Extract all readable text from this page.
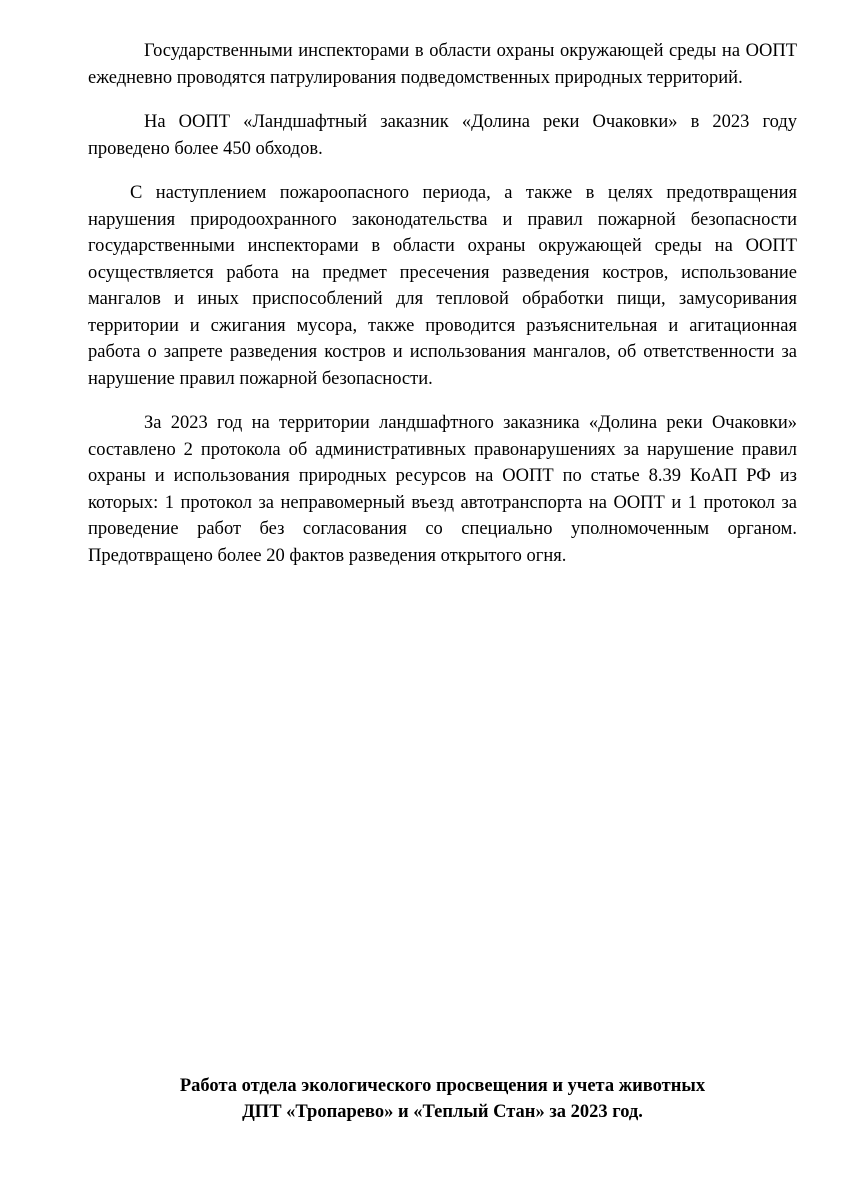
Государственными инспекторами в области охраны окружающей среды на ООПТ ежедневно проводятся патрулирования подведомственных природных территорий.

На ООПТ «Ландшафтный заказник «Долина реки Очаковки» в 2023 году проведено более 450 обходов.

С наступлением пожароопасного периода, а также в целях предотвращения нарушения природоохранного законодательства и правил пожарной безопасности государственными инспекторами в области охраны окружающей среды на ООПТ осуществляется работа на предмет пресечения разведения костров, использование мангалов и иных приспособлений для тепловой обработки пищи, замусоривания территории и сжигания мусора, также проводится разъяснительная и агитационная работа о запрете разведения костров и использования мангалов, об ответственности за нарушение правил пожарной безопасности.

За 2023 год на территории ландшафтного заказника «Долина реки Очаковки» составлено 2 протокола об административных правонарушениях за нарушение правил охраны и использования природных ресурсов на ООПТ по статье 8.39 КоАП РФ из которых: 1 протокол за неправомерный въезд автотранспорта на ООПТ и 1 протокол за проведение работ без согласования со специально уполномоченным органом. Предотвращено более 20 фактов разведения открытого огня.

Работа отдела экологического просвещения и учета животных
ДПТ «Тропарево» и «Теплый Стан» за 2023 год.
